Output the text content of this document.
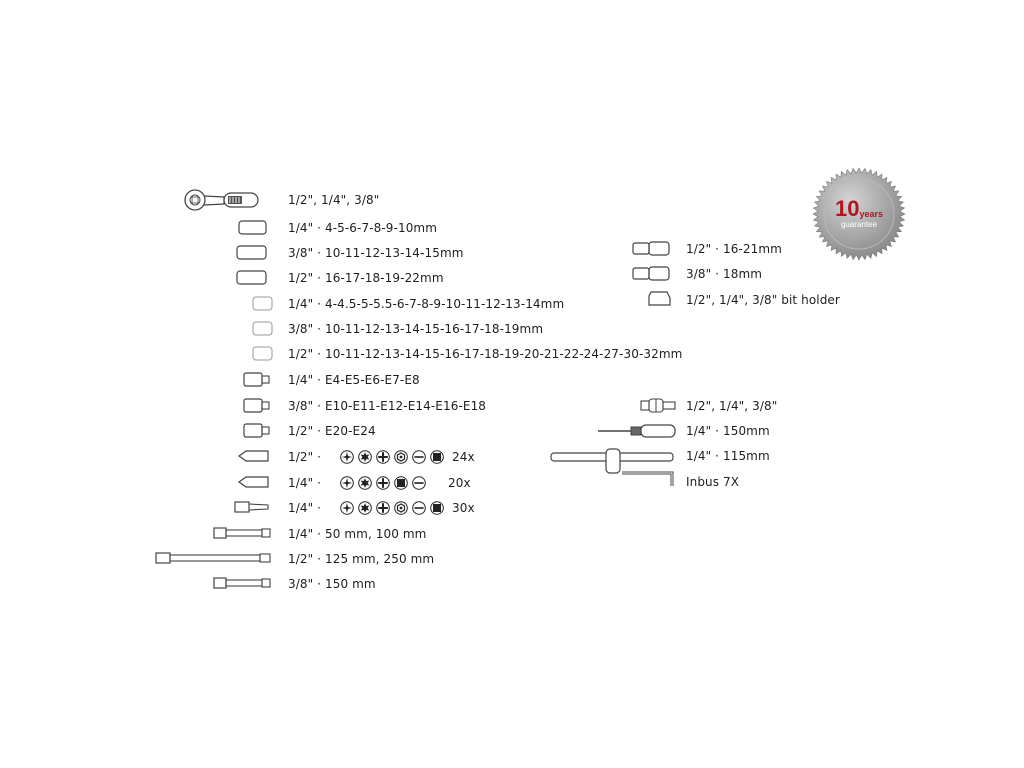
10 years
guarantee
1/2", 1/4", 3/8"
1/4" · 4-5-6-7-8-9-10mm
3/8" · 10-11-12-13-14-15mm
1/2" · 16-17-18-19-22mm
1/4" · 4-4.5-5-5.5-6-7-8-9-10-11-12-13-14mm
3/8" · 10-11-12-13-14-15-16-17-18-19mm
1/2" · 10-11-12-13-14-15-16-17-18-19-20-21-22-24-27-30-32mm
1/4" · E4-E5-E6-E7-E8
3/8" · E10-E11-E12-E14-E16-E18
1/2" · E20-E24
1/2" ·	24x
1/4" ·	20x
1/4" ·	30x
1/4" · 50 mm, 100 mm
1/2" · 125 mm, 250 mm
3/8" · 150 mm
1/2" · 16-21mm
3/8" · 18mm
1/2", 1/4", 3/8" bit holder
1/2", 1/4", 3/8"
1/4" · 150mm
1/4" · 115mm
Inbus 7X
